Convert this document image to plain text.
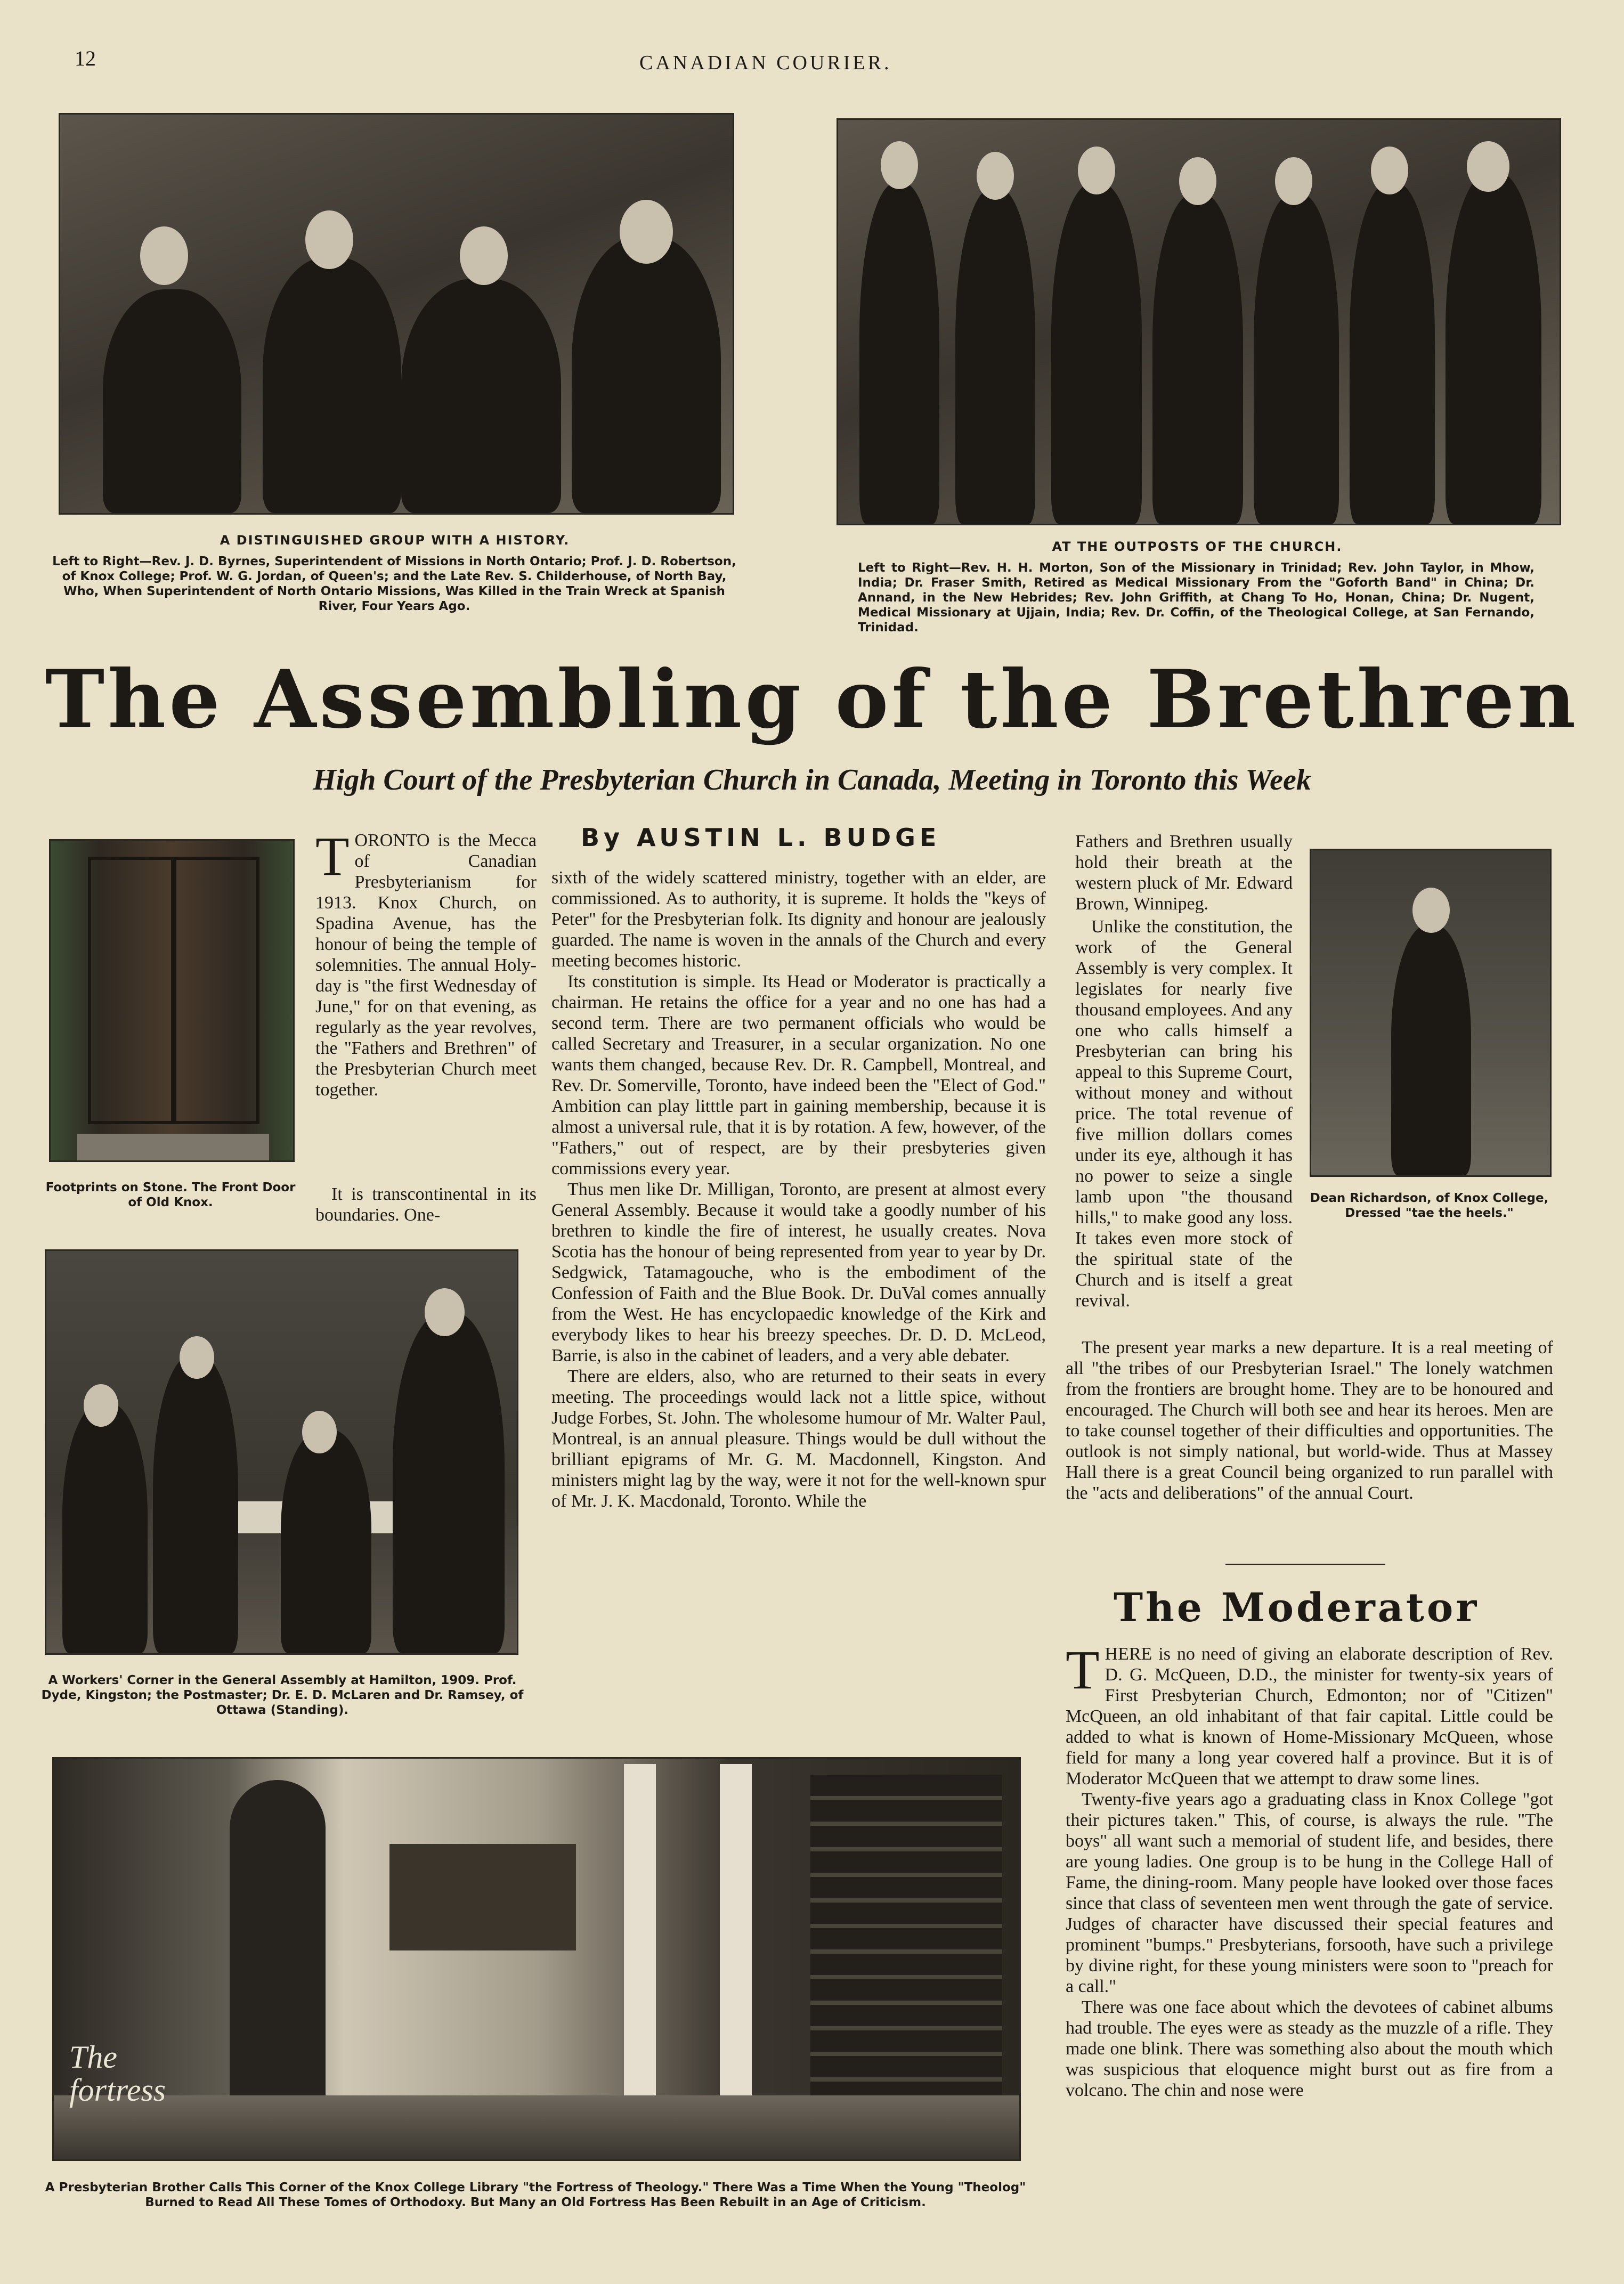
12	CANADIAN COURIER.
A DISTINGUISHED GROUP WITH A HISTORY.
Left to Right—Rev. J. D. Byrnes, Superintendent of Missions in North Ontario; Prof. J. D. Robertson, of Knox College; Prof. W. G. Jordan, of Queen's; and the Late Rev. S. Childerhouse, of North Bay, Who, When Superintendent of North Ontario Missions, Was Killed in the Train Wreck at Spanish River, Four Years Ago.
AT THE OUTPOSTS OF THE CHURCH.
Left to Right—Rev. H. H. Morton, Son of the Missionary in Trinidad; Rev. John Taylor, in Mhow, India; Dr. Fraser Smith, Retired as Medical Missionary From the "Goforth Band" in China; Dr. Annand, in the New Hebrides; Rev. John Griffith, at Chang To Ho, Honan, China; Dr. Nugent, Medical Missionary at Ujjain, India; Rev. Dr. Coffin, of the Theological College, at San Fernando, Trinidad.
The Assembling of the Brethren
High Court of the Presbyterian Church in Canada, Meeting in Toronto this Week
Footprints on Stone. The Front Door of Old Knox.

TORONTO is the Mecca of Canadian Presbyterianism for 1913. Knox Church, on Spadina Avenue, has the honour of being the temple of solemnities. The annual Holy-day is "the first Wednesday of June," for on that evening, as regularly as the year revolves, the "Fathers and Brethren" of the Presbyterian Church meet together.

It is transcontinental in its boundaries. One-

By AUSTIN L. BUDGE

sixth of the widely scattered ministry, together with an elder, are commissioned. As to authority, it is supreme. It holds the "keys of Peter" for the Presbyterian folk. Its dignity and honour are jealously guarded. The name is woven in the annals of the Church and every meeting becomes historic.

Its constitution is simple. Its Head or Moderator is practically a chairman. He retains the office for a year and no one has had a second term. There are two permanent officials who would be called Secretary and Treasurer, in a secular organization. No one wants them changed, because Rev. Dr. R. Campbell, Montreal, and Rev. Dr. Somerville, Toronto, have indeed been the "Elect of God." Ambition can play litttle part in gaining membership, because it is almost a universal rule, that it is by rotation. A few, however, of the "Fathers," out of respect, are by their presbyteries given commissions every year.

Thus men like Dr. Milligan, Toronto, are present at almost every General Assembly. Because it would take a goodly number of his brethren to kindle the fire of interest, he usually creates. Nova Scotia has the honour of being represented from year to year by Dr. Sedgwick, Tatamagouche, who is the embodiment of the Confession of Faith and the Blue Book. Dr. DuVal comes annually from the West. He has encyclopaedic knowledge of the Kirk and everybody likes to hear his breezy speeches. Dr. D. D. McLeod, Barrie, is also in the cabinet of leaders, and a very able debater.

There are elders, also, who are returned to their seats in every meeting. The proceedings would lack not a little spice, without Judge Forbes, St. John. The wholesome humour of Mr. Walter Paul, Montreal, is an annual pleasure. Things would be dull without the brilliant epigrams of Mr. G. M. Macdonnell, Kingston. And ministers might lag by the way, were it not for the well-known spur of Mr. J. K. Macdonald, Toronto. While the

Fathers and Brethren usually hold their breath at the western pluck of Mr. Edward Brown, Winnipeg.

Unlike the constitution, the work of the General Assembly is very complex. It legislates for nearly five thousand employees. And any one who calls himself a Presbyterian can bring his appeal to this Supreme Court, without money and without price. The total revenue of five million dollars comes under its eye, although it has no power to seize a single lamb upon "the thousand hills," to make good any loss. It takes even more stock of the spiritual state of the Church and is itself a great revival.

Dean Richardson, of Knox College, Dressed "tae the heels."

The present year marks a new departure. It is a real meeting of all "the tribes of our Presbyterian Israel." The lonely watchmen from the frontiers are brought home. They are to be honoured and encouraged. The Church will both see and hear its heroes. Men are to take counsel together of their difficulties and opportunities. The outlook is not simply national, but world-wide. Thus at Massey Hall there is a great Council being organized to run parallel with the "acts and deliberations" of the annual Court.

A Workers' Corner in the General Assembly at Hamilton, 1909. Prof. Dyde, Kingston; the Postmaster; Dr. E. D. McLaren and Dr. Ramsey, of Ottawa (Standing).
The fortress
A Presbyterian Brother Calls This Corner of the Knox College Library "the Fortress of Theology." There Was a Time When the Young "Theolog" Burned to Read All These Tomes of Orthodoxy. But Many an Old Fortress Has Been Rebuilt in an Age of Criticism.
The Moderator

THERE is no need of giving an elaborate description of Rev. D. G. McQueen, D.D., the minister for twenty-six years of First Presbyterian Church, Edmonton; nor of "Citizen" McQueen, an old inhabitant of that fair capital. Little could be added to what is known of Home-Missionary McQueen, whose field for many a long year covered half a province. But it is of Moderator McQueen that we attempt to draw some lines.

Twenty-five years ago a graduating class in Knox College "got their pictures taken." This, of course, is always the rule. "The boys" all want such a memorial of student life, and besides, there are young ladies. One group is to be hung in the College Hall of Fame, the dining-room. Many people have looked over those faces since that class of seventeen men went through the gate of service. Judges of character have discussed their special features and prominent "bumps." Presbyterians, forsooth, have such a privilege by divine right, for these young ministers were soon to "preach for a call."

There was one face about which the devotees of cabinet albums had trouble. The eyes were as steady as the muzzle of a rifle. They made one blink. There was something also about the mouth which was suspicious that eloquence might burst out as fire from a volcano. The chin and nose were
